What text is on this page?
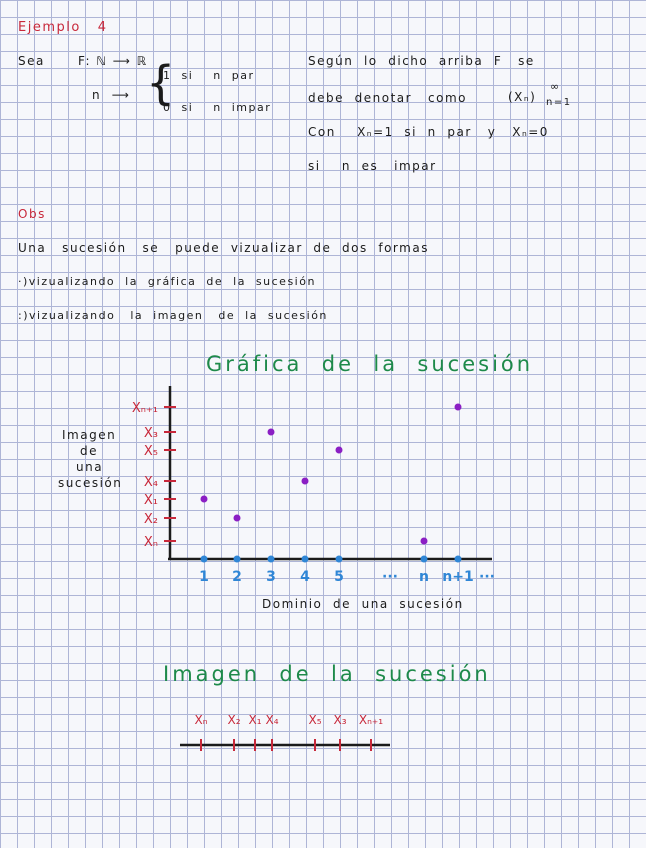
Ejemplo   4
Sea	F: ℕ ⟶ ℝ
n  ⟶ {
1  si    n  par
0  si    n  impar
Según  lo  dicho  arriba  F   se
debe  denotar   como	(Xₙ)
∞
n=1
Con    Xₙ=1  si  n  par   y   Xₙ=0
si    n  es   impar
Obs
Una   sucesión   se   puede  vizualizar  de  dos  formas
·)vizualizando  la  gráfica  de  la  sucesión
:)vizualizando   la  imagen   de  la  sucesión
Gráfica  de  la  sucesión
Imagen
de
una
sucesión
Xₙ₊₁
X₃
X₅
X₄
X₁
X₂
Xₙ
1 2 3 4 5	··· n n+1 ···
Xₙ X₂ X₁ X₄ X₅ X₃ Xₙ₊₁
Dominio  de  una  sucesión
Imagen  de  la  sucesión
